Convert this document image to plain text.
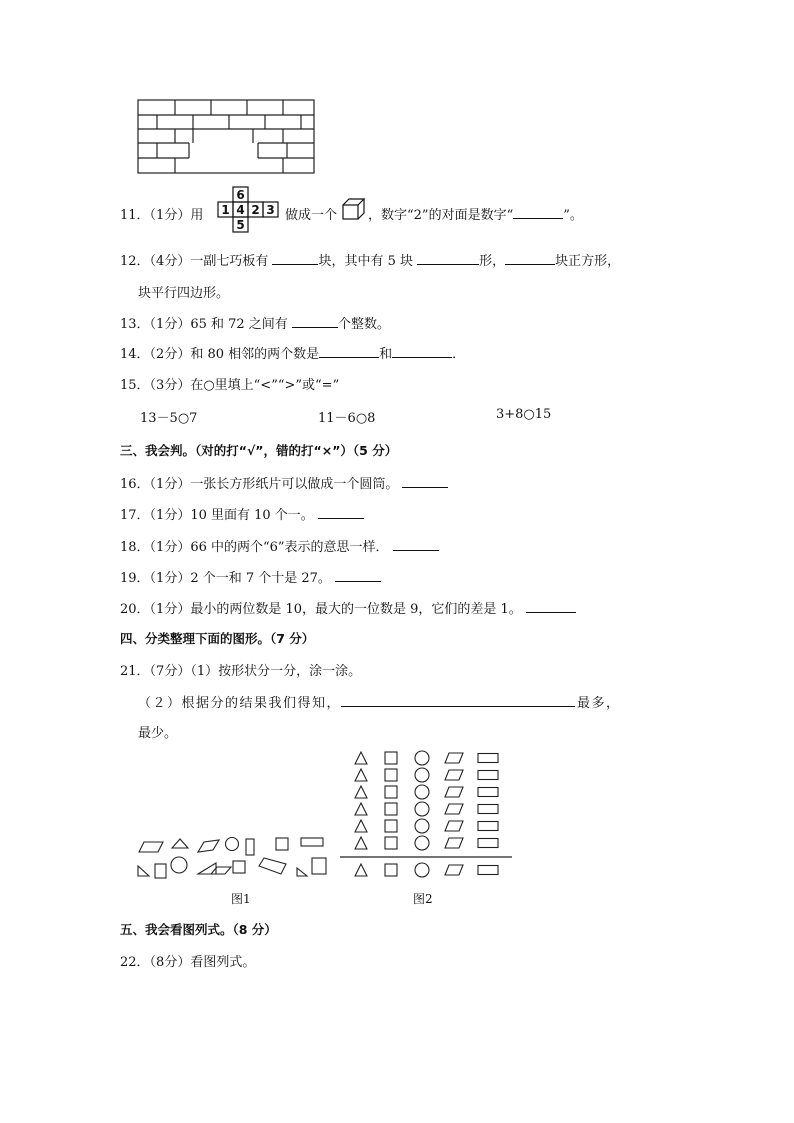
11．（1分）用
6
1 4 2 3
5
做成一个 ，数字“2”的对面是数字“	”。
12．（4分）一副七巧板有	块，其中有 5 块	形，	块正方形，
块平行四边形。
13．（1分）65 和 72 之间有	个整数。
14．（2分）和 80 相邻的两个数是	和	．
15．（3分）在○里填上“<”“>”或“=”
13－5○7	11－6○8	3+8○15
三、我会判。（对的打“√”，错的打“×”）（5 分）
16．（1分）一张长方形纸片可以做成一个圆筒。
17．（1分）10 里面有 10 个一。
18．（1分）66 中的两个“6”表示的意思一样．
19．（1分）2 个一和 7 个十是 27。
20．（1分）最小的两位数是 10，最大的一位数是 9，它们的差是 1。
四、分类整理下面的图形。（7 分）
21．（7分）（1）按形状分一分，涂一涂。
（２）根据分的结果我们得知，	最多，
最少。
图1	图2
五、我会看图列式。（8 分）
22．（8分）看图列式。
